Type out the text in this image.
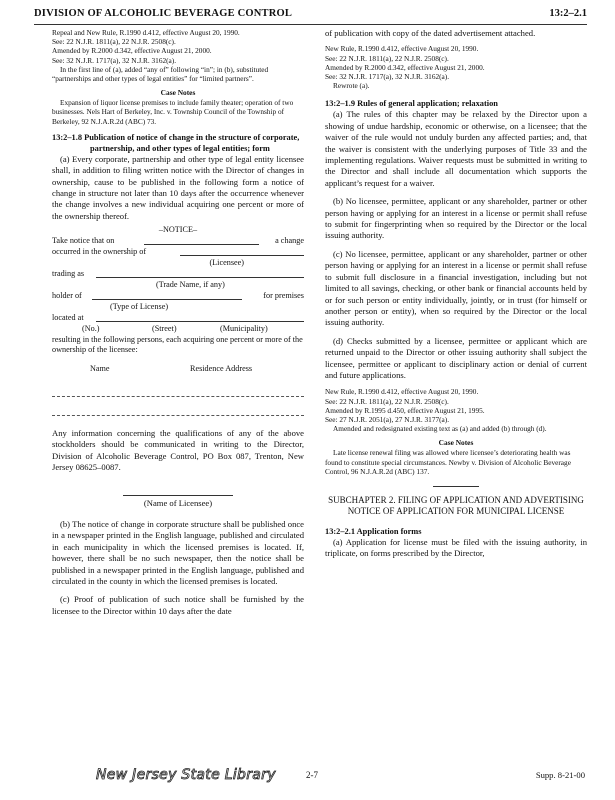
DIVISION OF ALCOHOLIC BEVERAGE CONTROL	13:2–2.1
Repeal and New Rule, R.1990 d.412, effective August 20, 1990.
See: 22 N.J.R. 1811(a), 22 N.J.R. 2508(c).
Amended by R.2000 d.342, effective August 21, 2000.
See: 32 N.J.R. 1717(a), 32 N.J.R. 3162(a).
In the first line of (a), added “any of” following “in”; in (b), substituted “partnerships and other types of legal entities” for “limited partners”.
Case Notes
Expansion of liquor license premises to include family theater; operation of two businesses. Nels Hart of Berkeley, Inc. v. Township Council of the Township of Berkeley, 92 N.J.A.R.2d (ABC) 73.
13:2–1.8 Publication of notice of change in the structure of corporate, partnership, and other types of legal entities; form

(a) Every corporate, partnership and other type of legal entity licensee shall, in addition to filing written notice with the Director of changes in ownership, cause to be published in the following form a notice of change in structure not later than 10 days after the occurrence whenever the change involves a new individual acquiring one percent or more of the ownership thereof.

–NOTICE–
Take notice that on	a change
occurred in the ownership of
(Licensee)
trading as
(Trade Name, if any)
holder of	for premises
(Type of License)
located at
(No.)	(Street)	(Municipality)
resulting in the following persons, each acquiring one percent or more of the ownership of the licensee:
Name	Residence Address

Any information concerning the qualifications of any of the above stockholders should be communicated in writing to the Director, Division of Alcoholic Beverage Control, PO Box 087, Trenton, New Jersey 08625–0087.

(Name of Licensee)

(b) The notice of change in corporate structure shall be published once in a newspaper printed in the English language, published and circulated in each municipality in which the licensed premises is located. If, however, there shall be no such newspaper, then the notice shall be published in a newspaper printed in the English language, published and circulated in the county in which the licensed premises is located.

(c) Proof of publication of such notice shall be furnished by the licensee to the Director within 10 days after the date

of publication with copy of the dated advertisement attached.

New Rule, R.1990 d.412, effective August 20, 1990.
See: 22 N.J.R. 1811(a), 22 N.J.R. 2508(c).
Amended by R.2000 d.342, effective August 21, 2000.
See: 32 N.J.R. 1717(a), 32 N.J.R. 3162(a).
Rewrote (a).
13:2–1.9 Rules of general application; relaxation

(a) The rules of this chapter may be relaxed by the Director upon a showing of undue hardship, economic or otherwise, on a licensee; that the waiver of the rule would not unduly burden any affected parties; and, that the waiver is consistent with the underlying purposes of Title 33 and the implementing regulations. Waiver requests must be submitted in writing to the Director and shall include all documentation which supports the applicant’s request for a waiver.

(b) No licensee, permittee, applicant or any shareholder, partner or other person having or applying for an interest in a license or permit shall refuse to submit for fingerprinting when so required by the Director or the local issuing authority.

(c) No licensee, permittee, applicant or any shareholder, partner or other person having or applying for an interest in a license or permit shall refuse to submit full disclosure in a financial investigation, including but not limited to all savings, checking, or other bank or financial accounts held by or for such person or entity individually, jointly, or in trust (for himself or another person or entity), when so required by the Director or the local issuing authority.

(d) Checks submitted by a licensee, permittee or applicant which are returned unpaid to the Director or other issuing authority shall subject the licensee, permittee or applicant to disciplinary action or denial of current and future applications.

New Rule, R.1990 d.412, effective August 20, 1990.
See: 22 N.J.R. 1811(a), 22 N.J.R. 2508(c).
Amended by R.1995 d.450, effective August 21, 1995.
See: 27 N.J.R. 2051(a), 27 N.J.R. 3177(a).
Amended and redesignated existing text as (a) and added (b) through (d).
Case Notes
Late license renewal filing was allowed where licensee’s deteriorating health was found to constitute special circumstances. Newby v. Division of Alcoholic Beverage Control, 96 N.J.A.R.2d (ABC) 137.
SUBCHAPTER 2. FILING OF APPLICATION AND ADVERTISING NOTICE OF APPLICATION FOR MUNICIPAL LICENSE
13:2–2.1 Application forms

(a) Application for license must be filed with the issuing authority, in triplicate, on forms prescribed by the Director,

New Jersey State Library	2-7	Supp. 8-21-00
